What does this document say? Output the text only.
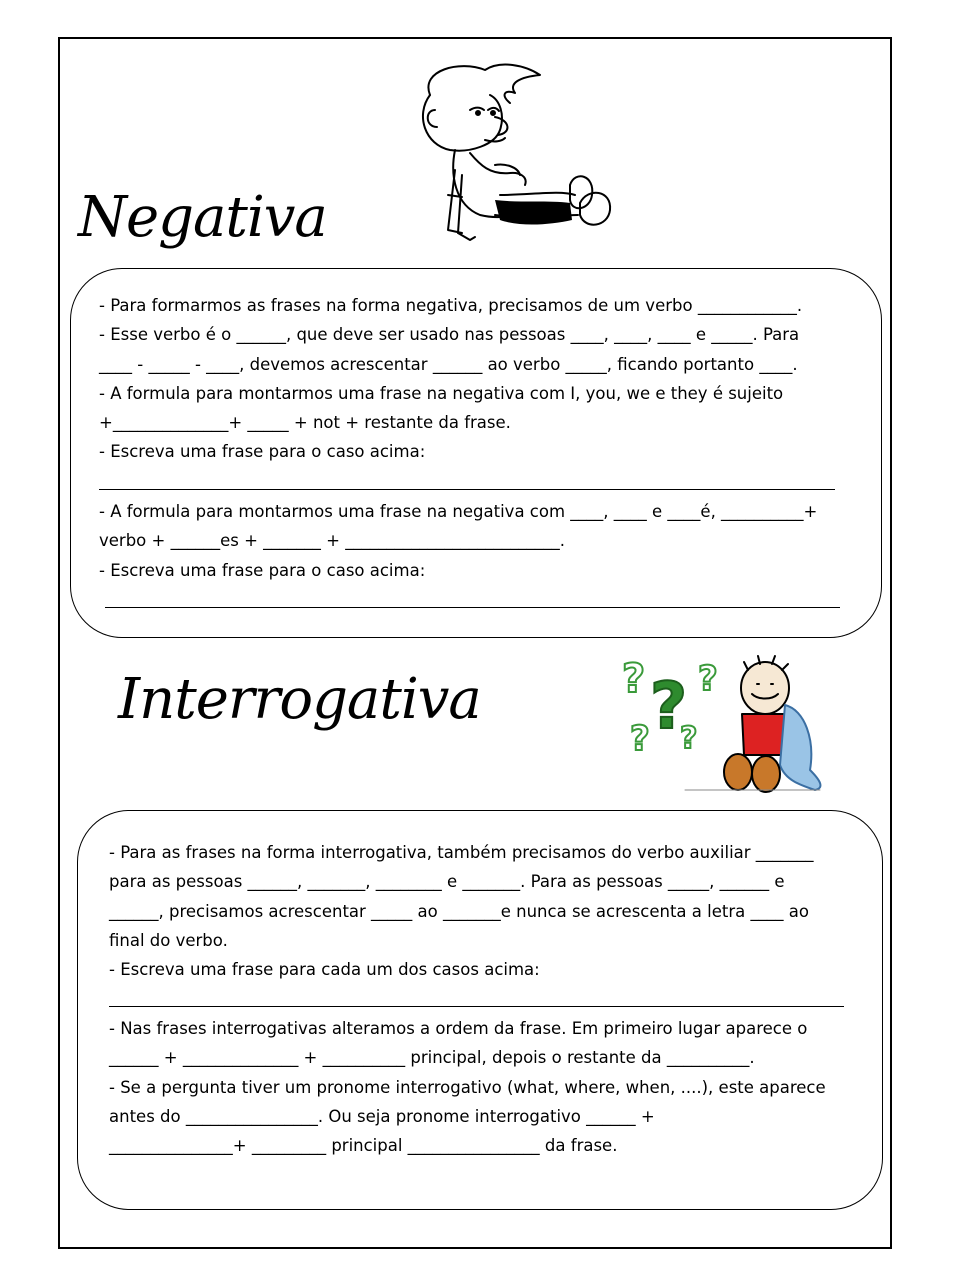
Negativa

- Para formarmos as frases na forma negativa, precisamos de um verbo ____________.

- Esse verbo é o ______, que deve ser usado nas pessoas ____, ____, ____ e _____. Para

____ - _____ - ____, devemos acrescentar ______ ao verbo _____, ficando portanto ____.

- A formula para montarmos uma frase na negativa com I, you, we e they é sujeito

+______________+ _____ + not + restante da frase.

- Escreva uma frase para o caso acima:

- A formula para montarmos uma frase na negativa com ____, ____ e ____é, __________+

verbo + ______es + _______ + __________________________.

- Escreva uma frase para o caso acima:

? ? ?
? ?
Interrogativa

- Para as frases na forma interrogativa, também precisamos do verbo auxiliar _______

para as pessoas ______, _______, ________ e _______. Para as pessoas _____, ______ e

______, precisamos acrescentar _____ ao _______e nunca se acrescenta a letra ____ ao

final do verbo.

- Escreva uma frase para cada um dos casos acima:

- Nas frases interrogativas alteramos a ordem da frase. Em primeiro lugar aparece o

______ + ______________ + __________ principal, depois o restante da __________.

- Se a pergunta tiver um pronome interrogativo (what, where, when, ....), este aparece

antes do ________________. Ou seja pronome interrogativo ______ +

_______________+ _________ principal ________________ da frase.
